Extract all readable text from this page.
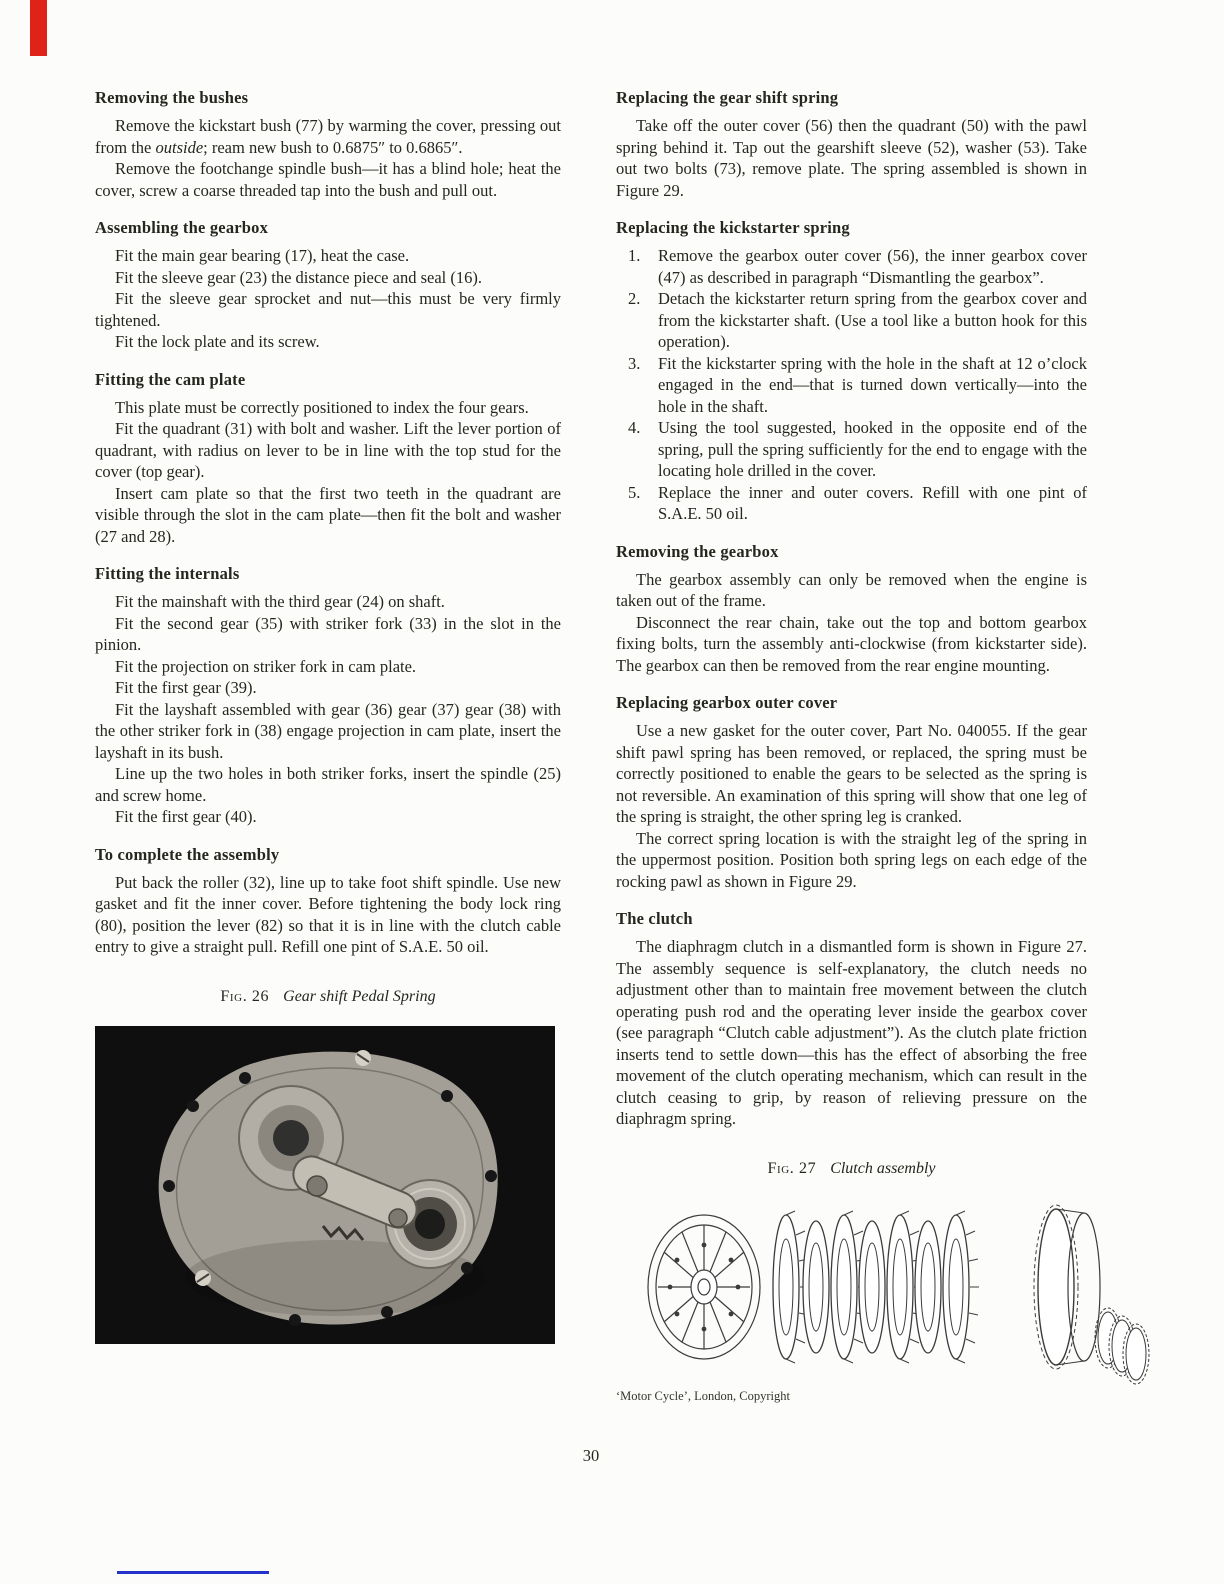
Removing the bushes

Remove the kickstart bush (77) by warming the cover, pressing out from the outside; ream new bush to 0.6875″ to 0.6865″.

Remove the footchange spindle bush—it has a blind hole; heat the cover, screw a coarse threaded tap into the bush and pull out.

Assembling the gearbox

Fit the main gear bearing (17), heat the case.

Fit the sleeve gear (23) the distance piece and seal (16).

Fit the sleeve gear sprocket and nut—this must be very firmly tightened.

Fit the lock plate and its screw.

Fitting the cam plate

This plate must be correctly positioned to index the four gears.

Fit the quadrant (31) with bolt and washer. Lift the lever portion of quadrant, with radius on lever to be in line with the top stud for the cover (top gear).

Insert cam plate so that the first two teeth in the quadrant are visible through the slot in the cam plate—then fit the bolt and washer (27 and 28).

Fitting the internals

Fit the mainshaft with the third gear (24) on shaft.

Fit the second gear (35) with striker fork (33) in the slot in the pinion.

Fit the projection on striker fork in cam plate.

Fit the first gear (39).

Fit the layshaft assembled with gear (36) gear (37) gear (38) with the other striker fork in (38) engage projection in cam plate, insert the layshaft in its bush.

Line up the two holes in both striker forks, insert the spindle (25) and screw home.

Fit the first gear (40).

To complete the assembly

Put back the roller (32), line up to take foot shift spindle. Use new gasket and fit the inner cover. Before tightening the body lock ring (80), position the lever (82) so that it is in line with the clutch cable entry to give a straight pull. Refill one pint of S.A.E. 50 oil.

Fig. 26 Gear shift Pedal Spring
Replacing the gear shift spring

Take off the outer cover (56) then the quadrant (50) with the pawl spring behind it. Tap out the gearshift sleeve (52), washer (53). Take out two bolts (73), remove plate. The spring assembled is shown in Figure 29.

Replacing the kickstarter spring
Remove the gearbox outer cover (56), the inner gearbox cover (47) as described in paragraph “Dismantling the gearbox”.
Detach the kickstarter return spring from the gearbox cover and from the kickstarter shaft. (Use a tool like a button hook for this operation).
Fit the kickstarter spring with the hole in the shaft at 12 o’clock engaged in the end—that is turned down vertically—into the hole in the shaft.
Using the tool suggested, hooked in the opposite end of the spring, pull the spring sufficiently for the end to engage with the locating hole drilled in the cover.
Replace the inner and outer covers. Refill with one pint of S.A.E. 50 oil.
Removing the gearbox

The gearbox assembly can only be removed when the engine is taken out of the frame.

Disconnect the rear chain, take out the top and bottom gearbox fixing bolts, turn the assembly anti-clockwise (from kickstarter side). The gearbox can then be removed from the rear engine mounting.

Replacing gearbox outer cover

Use a new gasket for the outer cover, Part No. 040055. If the gear shift pawl spring has been removed, or replaced, the spring must be correctly positioned to enable the gears to be selected as the spring is not reversible. An examination of this spring will show that one leg of the spring is straight, the other spring leg is cranked.

The correct spring location is with the straight leg of the spring in the uppermost position. Position both spring legs on each edge of the rocking pawl as shown in Figure 29.

The clutch

The diaphragm clutch in a dismantled form is shown in Figure 27. The assembly sequence is self-explanatory, the clutch needs no adjustment other than to maintain free movement between the clutch operating push rod and the operating lever inside the gearbox cover (see paragraph “Clutch cable adjustment”). As the clutch plate friction inserts tend to settle down—this has the effect of absorbing the free movement of the clutch operating mechanism, which can result in the clutch ceasing to grip, by reason of relieving pressure on the diaphragm spring.

Fig. 27 Clutch assembly
‘Motor Cycle’, London, Copyright
30
